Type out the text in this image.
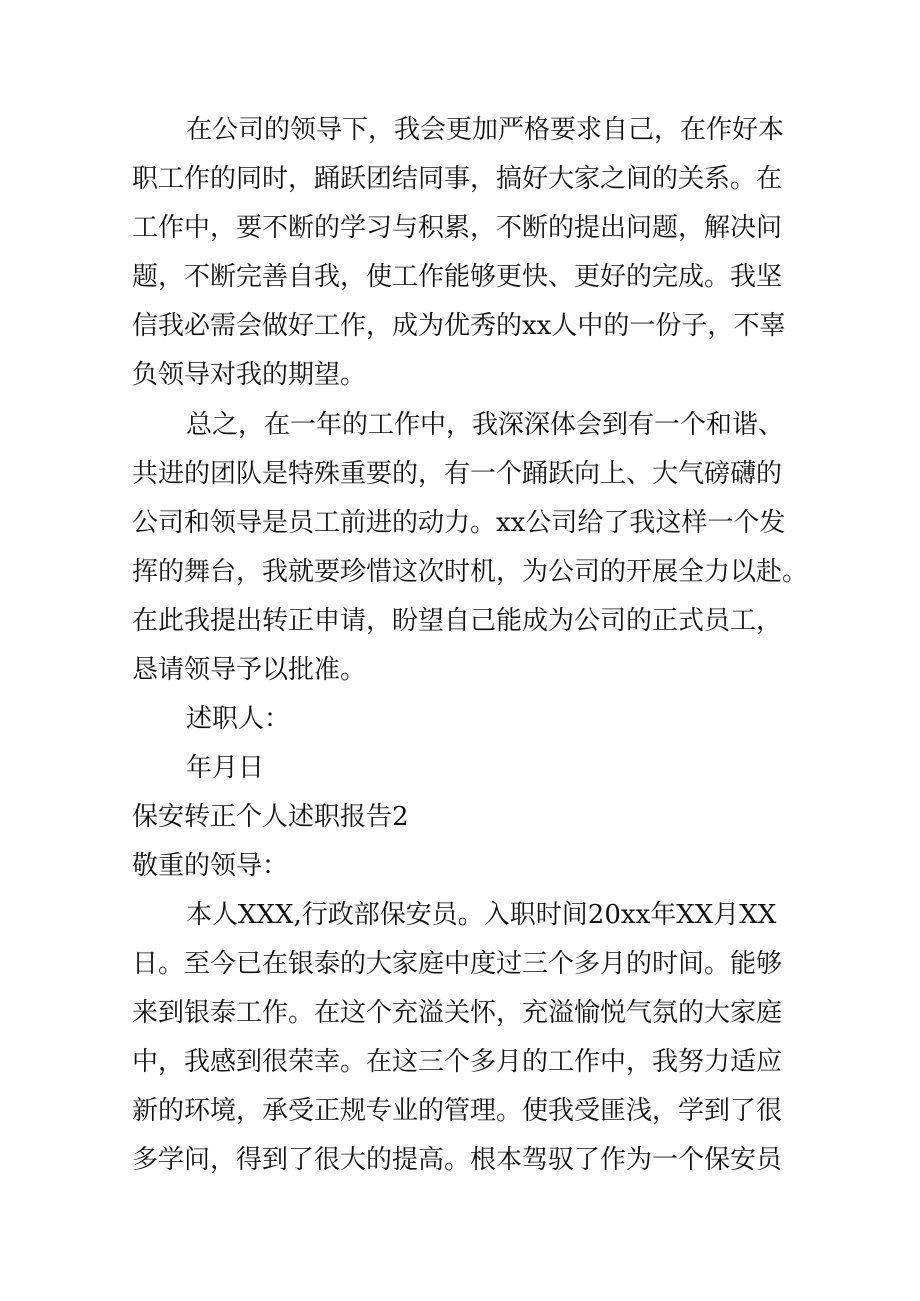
在公司的领导下，我会更加严格要求自己，在作好本

职工作的同时，踊跃团结同事，搞好大家之间的关系。在

工作中，要不断的学习与积累，不断的提出问题，解决问

题，不断完善自我，使工作能够更快、更好的完成。我坚

信我必需会做好工作，成为优秀的xx人中的一份子，不辜

负领导对我的期望。

总之，在一年的工作中，我深深体会到有一个和谐、

共进的团队是特殊重要的，有一个踊跃向上、大气磅礴的

公司和领导是员工前进的动力。xx公司给了我这样一个发

挥的舞台，我就要珍惜这次时机，为公司的开展全力以赴。

在此我提出转正申请，盼望自己能成为公司的正式员工，

恳请领导予以批准。

述职人：

年月日

保安转正个人述职报告2

敬重的领导：

本人XXX,行政部保安员。入职时间20xx年XX月XX

日。至今已在银泰的大家庭中度过三个多月的时间。能够

来到银泰工作。在这个充溢关怀，充溢愉悦气氛的大家庭

中，我感到很荣幸。在这三个多月的工作中，我努力适应

新的环境，承受正规专业的管理。使我受匪浅，学到了很

多学问，得到了很大的提高。根本驾驭了作为一个保安员
